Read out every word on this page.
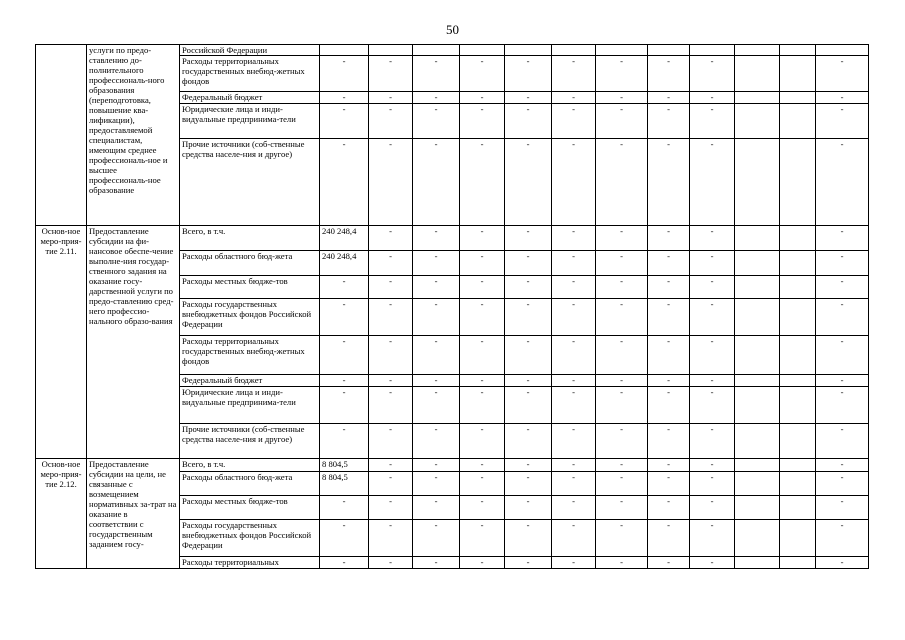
50
	услуги по предо-ставлению до-полнительного профессиональ-ного образования (переподготовка, повышение ква-лификации), предоставляемой специалистам, имеющим среднее профессиональ-ное и высшее профессиональ-ное образование	Российской Федерации												
		Расходы территориальных государственных внебюд-жетных фондов	-	-	-	-	-	-	-	-	-			-
		Федеральный бюджет	-	-	-	-	-	-	-	-	-			-
		Юридические лица и инди-видуальные предпринима-тели	-	-	-	-	-	-	-	-	-			-
		Прочие источники (соб-ственные средства населе-ния и другое)	-	-	-	-	-	-	-	-	-			-
Основ-ное меро-прия-тие 2.11.	Предоставление субсидии на фи-нансовое обеспе-чение выполне-ния государ-ственного задания на оказание госу-дарственной услуги по предо-ставлению сред-него профессио-нального образо-вания	Всего, в т.ч.	240 248,4	-	-	-	-	-	-	-	-			-
		Расходы областного бюд-жета	240 248,4	-	-	-	-	-	-	-	-			-
		Расходы местных бюдже-тов	-	-	-	-	-	-	-	-	-			-
		Расходы государственных внебюджетных фондов Российской Федерации	-	-	-	-	-	-	-	-	-			-
		Расходы территориальных государственных внебюд-жетных фондов	-	-	-	-	-	-	-	-	-			-
		Федеральный бюджет	-	-	-	-	-	-	-	-	-			-
		Юридические лица и инди-видуальные предпринима-тели	-	-	-	-	-	-	-	-	-			-
		Прочие источники (соб-ственные средства населе-ния и другое)	-	-	-	-	-	-	-	-	-			-
Основ-ное меро-прия-тие 2.12.	Предоставление субсидии на цели, не связанные с возмещением нормативных за-трат на оказание в соответствии с государственным заданием госу-	Всего, в т.ч.	8 804,5	-	-	-	-	-	-	-	-			-
		Расходы областного бюд-жета	8 804,5	-	-	-	-	-	-	-	-			-
		Расходы местных бюдже-тов	-	-	-	-	-	-	-	-	-			-
		Расходы государственных внебюджетных фондов Российской Федерации	-	-	-	-	-	-	-	-	-			-
		Расходы территориальных	-	-	-	-	-	-	-	-	-			-
